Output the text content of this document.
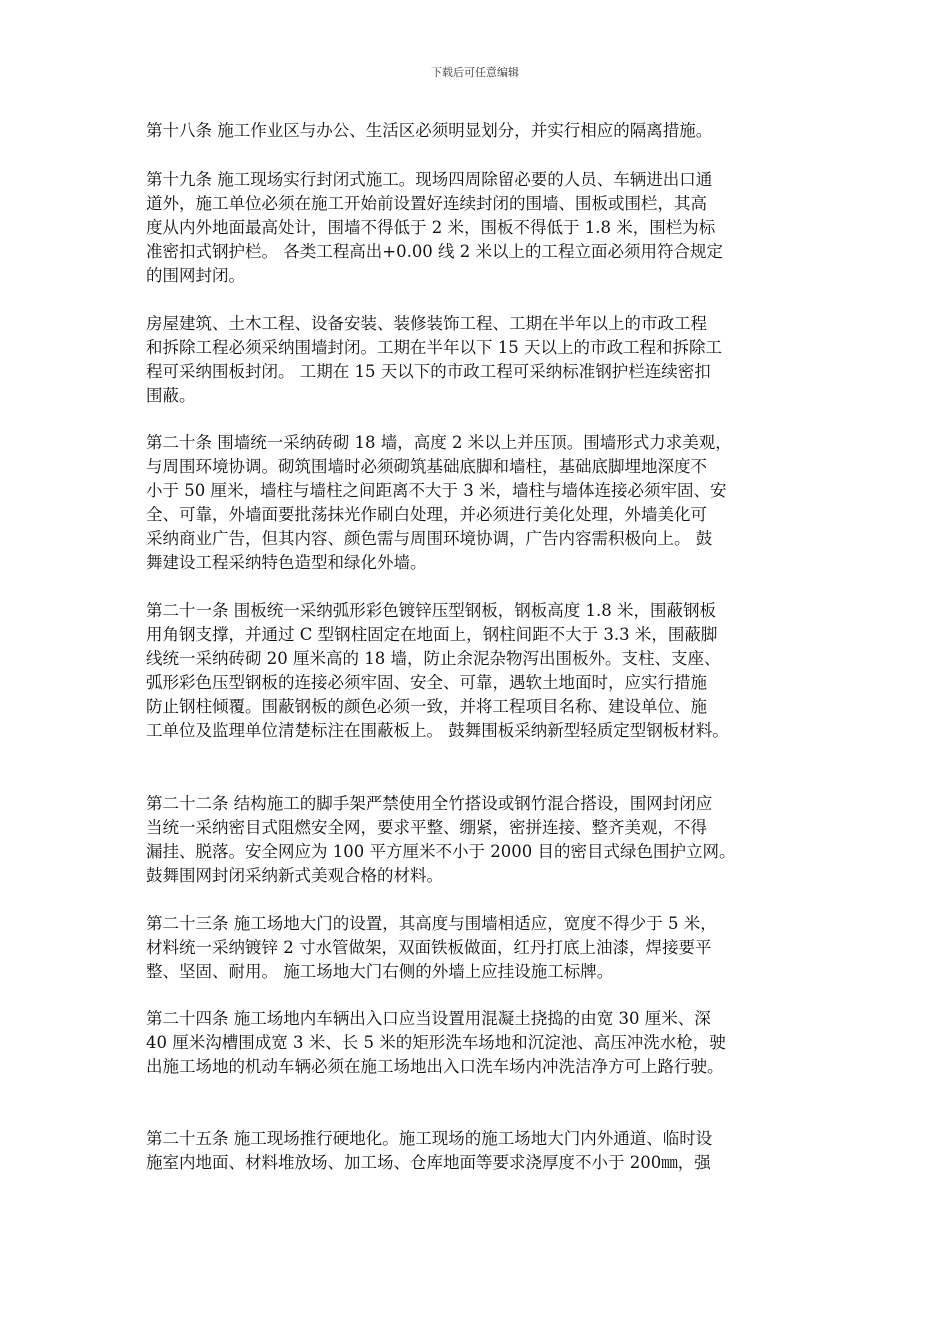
下载后可任意编辑

第十八条 施工作业区与办公、生活区必须明显划分，并实行相应的隔离措施。

第十九条 施工现场实行封闭式施工。现场四周除留必要的人员、车辆进出口通
道外，施工单位必须在施工开始前设置好连续封闭的围墙、围板或围栏，其高
度从内外地面最高处计，围墙不得低于 2 米，围板不得低于 1.8 米，围栏为标
准密扣式钢护栏。 各类工程高出+0.00 线 2 米以上的工程立面必须用符合规定
的围网封闭。

房屋建筑、土木工程、设备安装、装修装饰工程、工期在半年以上的市政工程
和拆除工程必须采纳围墙封闭。工期在半年以下 15 天以上的市政工程和拆除工
程可采纳围板封闭。 工期在 15 天以下的市政工程可采纳标准钢护栏连续密扣
围蔽。

第二十条 围墙统一采纳砖砌 18 墙，高度 2 米以上并压顶。围墙形式力求美观，
与周围环境协调。砌筑围墙时必须砌筑基础底脚和墙柱，基础底脚埋地深度不
小于 50 厘米，墙柱与墙柱之间距离不大于 3 米，墙柱与墙体连接必须牢固、安
全、可靠，外墙面要批荡抹光作刷白处理，并必须进行美化处理，外墙美化可
采纳商业广告，但其内容、颜色需与周围环境协调，广告内容需积极向上。 鼓
舞建设工程采纳特色造型和绿化外墙。

第二十一条 围板统一采纳弧形彩色镀锌压型钢板，钢板高度 1.8 米，围蔽钢板
用角钢支撑，并通过 C 型钢柱固定在地面上，钢柱间距不大于 3.3 米，围蔽脚
线统一采纳砖砌 20 厘米高的 18 墙，防止余泥杂物泻出围板外。支柱、支座、
弧形彩色压型钢板的连接必须牢固、安全、可靠，遇软土地面时，应实行措施
防止钢柱倾覆。围蔽钢板的颜色必须一致，并将工程项目名称、建设单位、施
工单位及监理单位清楚标注在围蔽板上。 鼓舞围板采纳新型轻质定型钢板材料。

第二十二条 结构施工的脚手架严禁使用全竹搭设或钢竹混合搭设，围网封闭应
当统一采纳密目式阻燃安全网，要求平整、绷紧，密拼连接、整齐美观，不得
漏挂、脱落。安全网应为 100 平方厘米不小于 2000 目的密目式绿色围护立网。
鼓舞围网封闭采纳新式美观合格的材料。

第二十三条 施工场地大门的设置，其高度与围墙相适应，宽度不得少于 5 米，
材料统一采纳镀锌 2 寸水管做架，双面铁板做面，红丹打底上油漆，焊接要平
整、坚固、耐用。 施工场地大门右侧的外墙上应挂设施工标牌。

第二十四条 施工场地内车辆出入口应当设置用混凝土挠捣的由宽 30 厘米、深
40 厘米沟槽围成宽 3 米、长 5 米的矩形洗车场地和沉淀池、高压冲洗水枪，驶
出施工场地的机动车辆必须在施工场地出入口洗车场内冲洗洁净方可上路行驶。

第二十五条 施工现场推行硬地化。施工现场的施工场地大门内外通道、临时设
施室内地面、材料堆放场、加工场、仓库地面等要求浇厚度不小于 200㎜，强
